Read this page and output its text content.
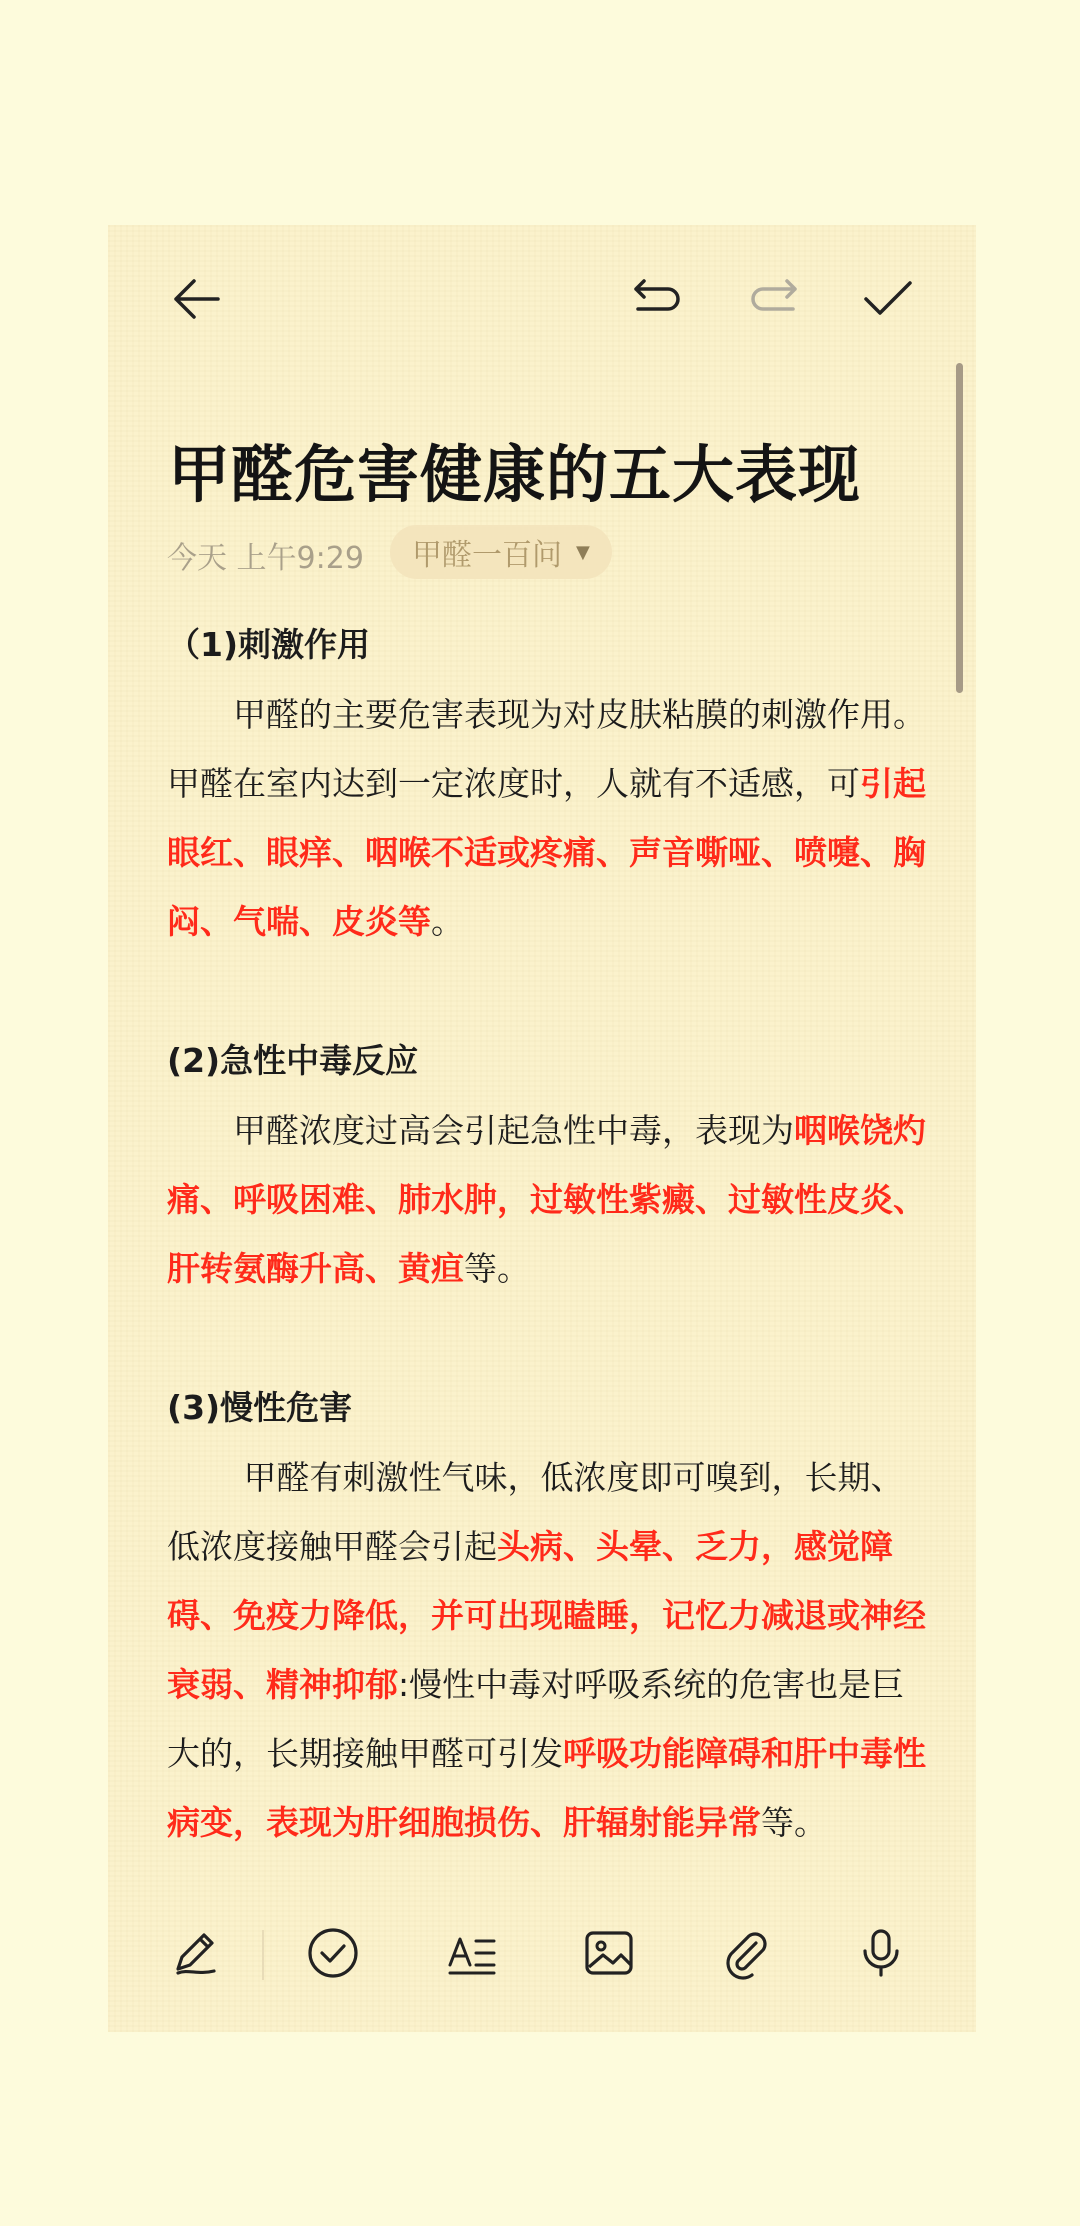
甲醛危害健康的五大表现
今天 上午9:29 甲醛一百问 ▼
（1)刺激作用

　　甲醛的主要危害表现为对皮肤粘膜的刺激作用。甲醛在室内达到一定浓度时，人就有不适感，可引起眼红、眼痒、咽喉不适或疼痛、声音嘶哑、喷嚏、胸闷、气喘、皮炎等。

(2)急性中毒反应

　　甲醛浓度过高会引起急性中毒，表现为咽喉饶灼痛、呼吸困难、肺水肿，过敏性紫癜、过敏性皮炎、肝转氨酶升高、黄疸等。

(3)慢性危害

　　 甲醛有刺激性气味，低浓度即可嗅到，长期、低浓度接触甲醛会引起头病、头晕、乏力，感觉障碍、免疫力降低，并可出现瞌睡，记忆力减退或神经衰弱、精神抑郁:慢性中毒对呼吸系统的危害也是巨大的，长期接触甲醛可引发呼吸功能障碍和肝中毒性病变，表现为肝细胞损伤、肝辐射能异常等。
